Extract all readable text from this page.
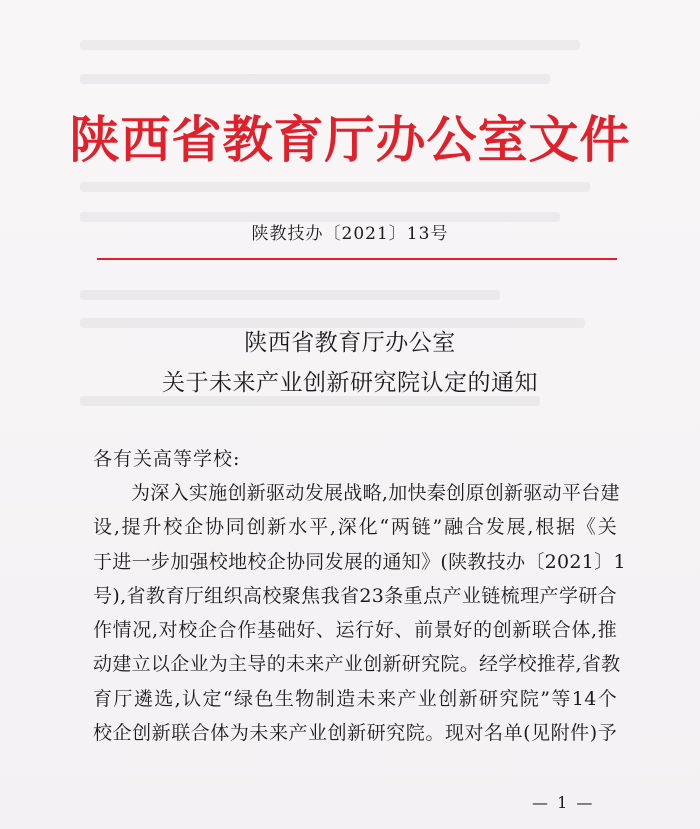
陕西省教育厅办公室文件
陕教技办〔2021〕13号
陕西省教育厅办公室
关于未来产业创新研究院认定的通知
各有关高等学校:
为深入实施创新驱动发展战略,加快秦创原创新驱动平台建
设,提升校企协同创新水平,深化“两链”融合发展,根据《关
于进一步加强校地校企协同发展的通知》(陕教技办〔2021〕1
号),省教育厅组织高校聚焦我省23条重点产业链梳理产学研合
作情况,对校企合作基础好、运行好、前景好的创新联合体,推
动建立以企业为主导的未来产业创新研究院。经学校推荐,省教
育厅遴选,认定“绿色生物制造未来产业创新研究院”等14个
校企创新联合体为未来产业创新研究院。现对名单(见附件)予
— 1 —
